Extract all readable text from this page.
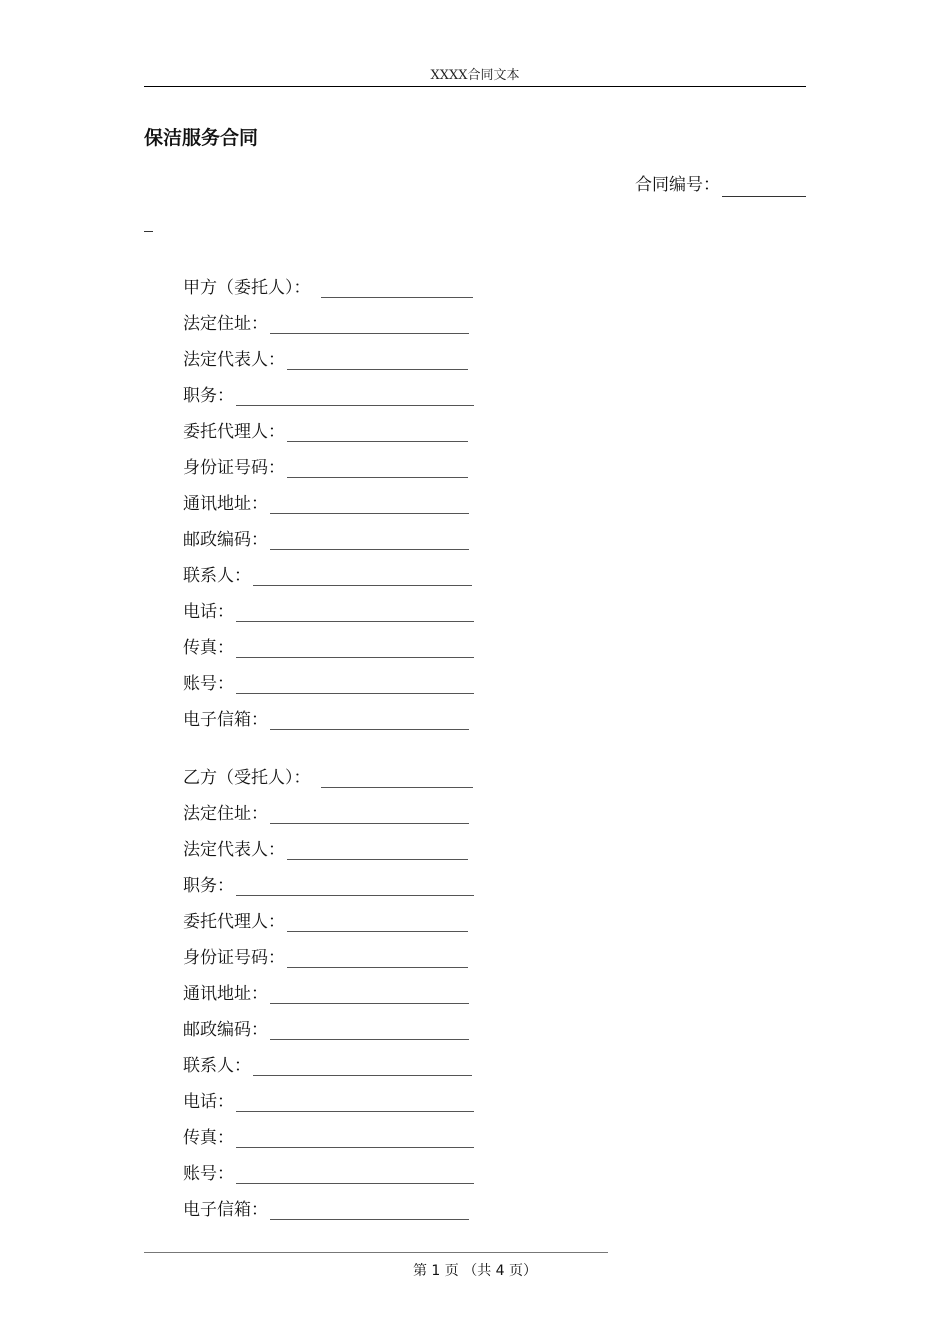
XXXX合同文本
保洁服务合同
合同编号：
甲方（委托人）：
法定住址：
法定代表人：
职务：
委托代理人：
身份证号码：
通讯地址：
邮政编码：
联系人：
电话：
传真：
账号：
电子信箱：
乙方（受托人）：
法定住址：
法定代表人：
职务：
委托代理人：
身份证号码：
通讯地址：
邮政编码：
联系人：
电话：
传真：
账号：
电子信箱：
第 1 页 （共 4 页）
